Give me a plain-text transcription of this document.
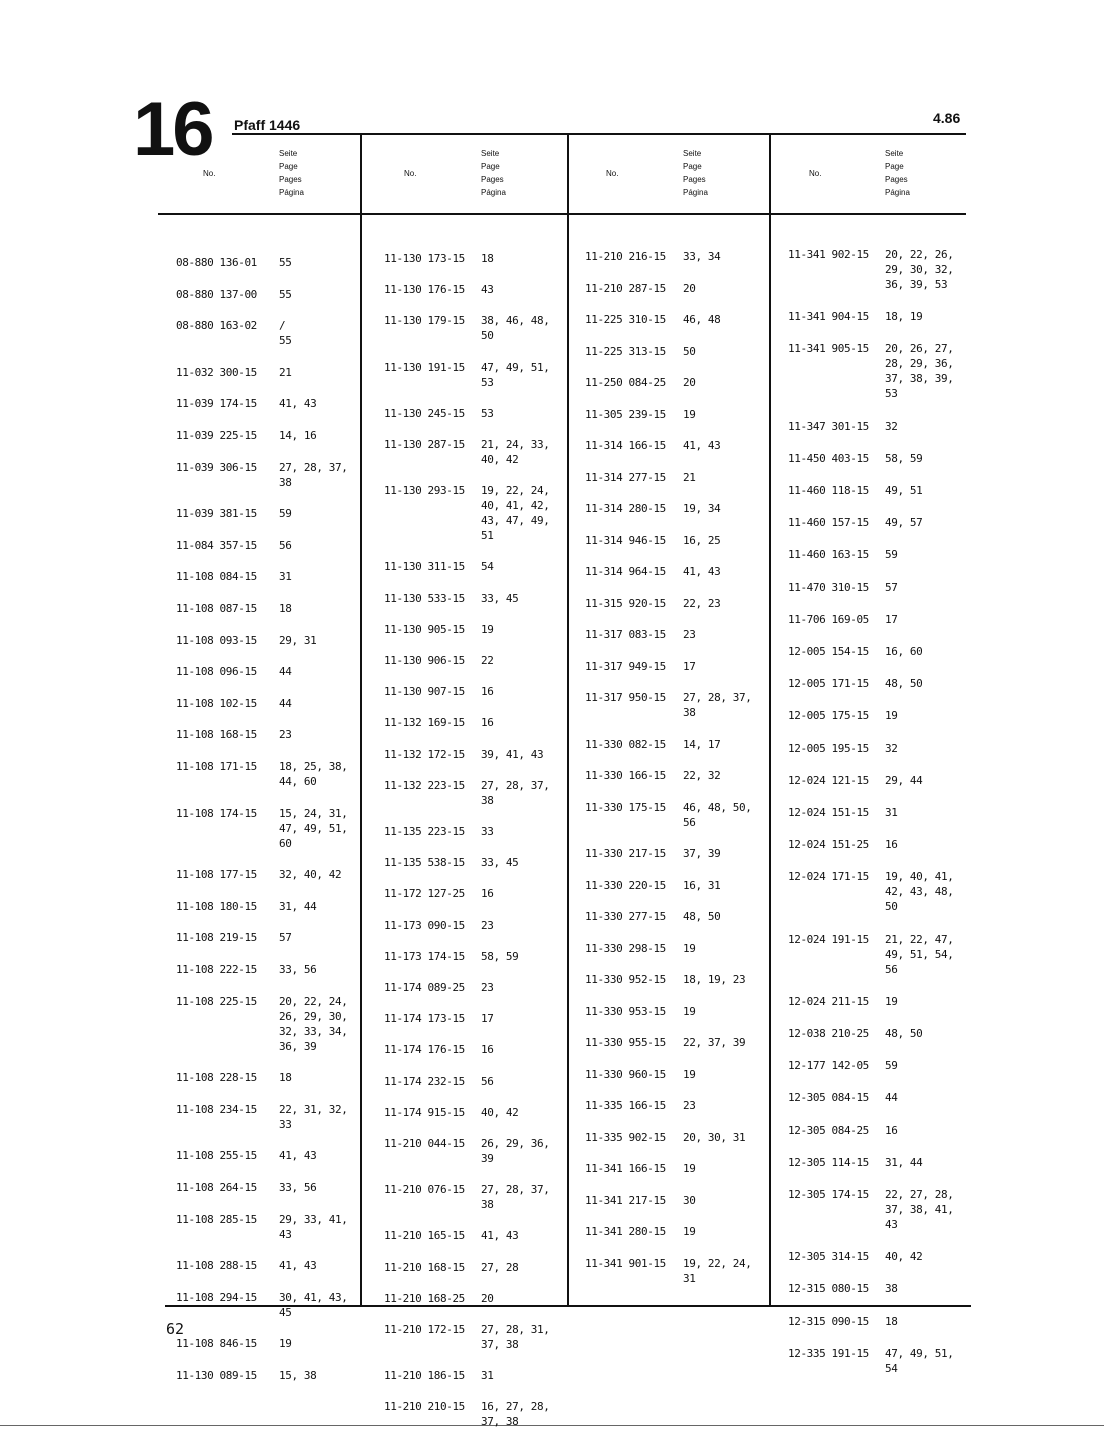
16 Pfaff 1446	4.86
No.
Seite
Page
Pages
Página
No.
Seite
Page
Pages
Página
No.
Seite
Page
Pages
Página
No.
Seite
Page
Pages
Página
08-880 136-01 55
08-880 137-00 55
08-880 163-02 /
55
11-032 300-15 21
11-039 174-15 41, 43
11-039 225-15 14, 16
11-039 306-15 27, 28, 37,
38
11-039 381-15 59
11-084 357-15 56
11-108 084-15 31
11-108 087-15 18
11-108 093-15 29, 31
11-108 096-15 44
11-108 102-15 44
11-108 168-15 23
11-108 171-15 18, 25, 38,
44, 60
11-108 174-15 15, 24, 31,
47, 49, 51,
60
11-108 177-15 32, 40, 42
11-108 180-15 31, 44
11-108 219-15 57
11-108 222-15 33, 56
11-108 225-15 20, 22, 24,
26, 29, 30,
32, 33, 34,
36, 39
11-108 228-15 18
11-108 234-15 22, 31, 32,
33
11-108 255-15 41, 43
11-108 264-15 33, 56
11-108 285-15 29, 33, 41,
43
11-108 288-15 41, 43
11-108 294-15 30, 41, 43,
45
11-108 846-15 19
11-130 089-15 15, 38
11-130 173-15 18
11-130 176-15 43
11-130 179-15 38, 46, 48,
50
11-130 191-15 47, 49, 51,
53
11-130 245-15 53
11-130 287-15 21, 24, 33,
40, 42
11-130 293-15 19, 22, 24,
40, 41, 42,
43, 47, 49,
51
11-130 311-15 54
11-130 533-15 33, 45
11-130 905-15 19
11-130 906-15 22
11-130 907-15 16
11-132 169-15 16
11-132 172-15 39, 41, 43
11-132 223-15 27, 28, 37,
38
11-135 223-15 33
11-135 538-15 33, 45
11-172 127-25 16
11-173 090-15 23
11-173 174-15 58, 59
11-174 089-25 23
11-174 173-15 17
11-174 176-15 16
11-174 232-15 56
11-174 915-15 40, 42
11-210 044-15 26, 29, 36,
39
11-210 076-15 27, 28, 37,
38
11-210 165-15 41, 43
11-210 168-15 27, 28
11-210 168-25 20
11-210 172-15 27, 28, 31,
37, 38
11-210 186-15 31
11-210 210-15 16, 27, 28,
37, 38
11-210 216-15 33, 34
11-210 287-15 20
11-225 310-15 46, 48
11-225 313-15 50
11-250 084-25 20
11-305 239-15 19
11-314 166-15 41, 43
11-314 277-15 21
11-314 280-15 19, 34
11-314 946-15 16, 25
11-314 964-15 41, 43
11-315 920-15 22, 23
11-317 083-15 23
11-317 949-15 17
11-317 950-15 27, 28, 37,
38
11-330 082-15 14, 17
11-330 166-15 22, 32
11-330 175-15 46, 48, 50,
56
11-330 217-15 37, 39
11-330 220-15 16, 31
11-330 277-15 48, 50
11-330 298-15 19
11-330 952-15 18, 19, 23
11-330 953-15 19
11-330 955-15 22, 37, 39
11-330 960-15 19
11-335 166-15 23
11-335 902-15 20, 30, 31
11-341 166-15 19
11-341 217-15 30
11-341 280-15 19
11-341 901-15 19, 22, 24,
31
11-341 902-15 20, 22, 26,
29, 30, 32,
36, 39, 53
11-341 904-15 18, 19
11-341 905-15 20, 26, 27,
28, 29, 36,
37, 38, 39,
53
11-347 301-15 32
11-450 403-15 58, 59
11-460 118-15 49, 51
11-460 157-15 49, 57
11-460 163-15 59
11-470 310-15 57
11-706 169-05 17
12-005 154-15 16, 60
12-005 171-15 48, 50
12-005 175-15 19
12-005 195-15 32
12-024 121-15 29, 44
12-024 151-15 31
12-024 151-25 16
12-024 171-15 19, 40, 41,
42, 43, 48,
50
12-024 191-15 21, 22, 47,
49, 51, 54,
56
12-024 211-15 19
12-038 210-25 48, 50
12-177 142-05 59
12-305 084-15 44
12-305 084-25 16
12-305 114-15 31, 44
12-305 174-15 22, 27, 28,
37, 38, 41,
43
12-305 314-15 40, 42
12-315 080-15 38
12-315 090-15 18
12-335 191-15 47, 49, 51,
54
62
